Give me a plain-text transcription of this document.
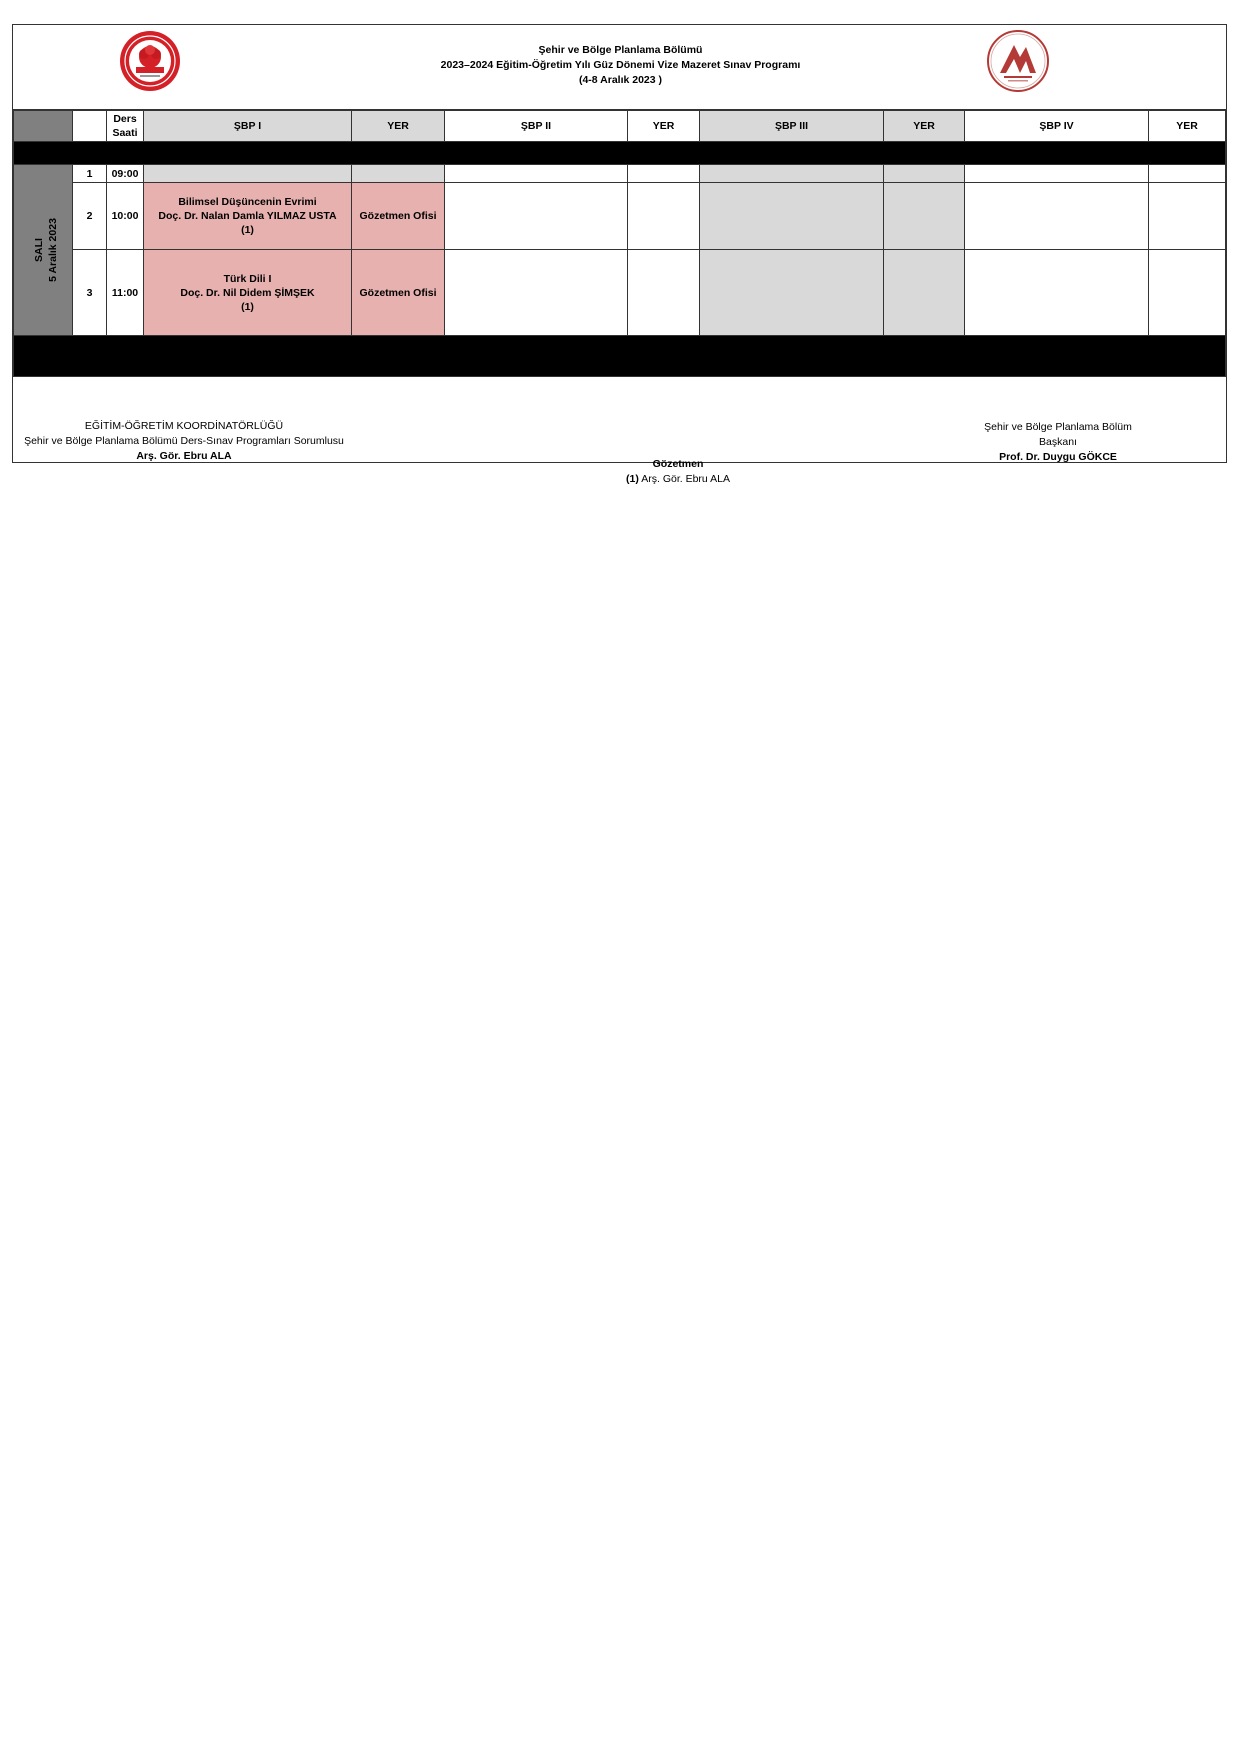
Şehir ve Bölge Planlama Bölümü
2023–2024 Eğitim-Öğretim Yılı Güz Dönemi Vize Mazeret Sınav Programı
(4-8 Aralık 2023 )

		Ders
Saati	ŞBP I	YER	ŞBP II	YER	ŞBP III	YER	ŞBP IV	YER

SALI 5 Aralık 2023	1	09:00								
	2	10:00	Bilimsel Düşüncenin Evrimi
Doç. Dr. Nalan Damla YILMAZ USTA
(1)	Gözetmen Ofisi						
	3	11:00	Türk Dili I
Doç. Dr. Nil Didem ŞİMŞEK
(1)	Gözetmen Ofisi						

EĞİTİM-ÖĞRETİM KOORDİNATÖRLÜĞÜ
Şehir ve Bölge Planlama Bölümü Ders-Sınav Programları Sorumlusu
Arş. Gör. Ebru ALA
Gözetmen
(1) Arş. Gör. Ebru ALA
Şehir ve Bölge Planlama Bölüm
Başkanı
Prof. Dr. Duygu GÖKCE
